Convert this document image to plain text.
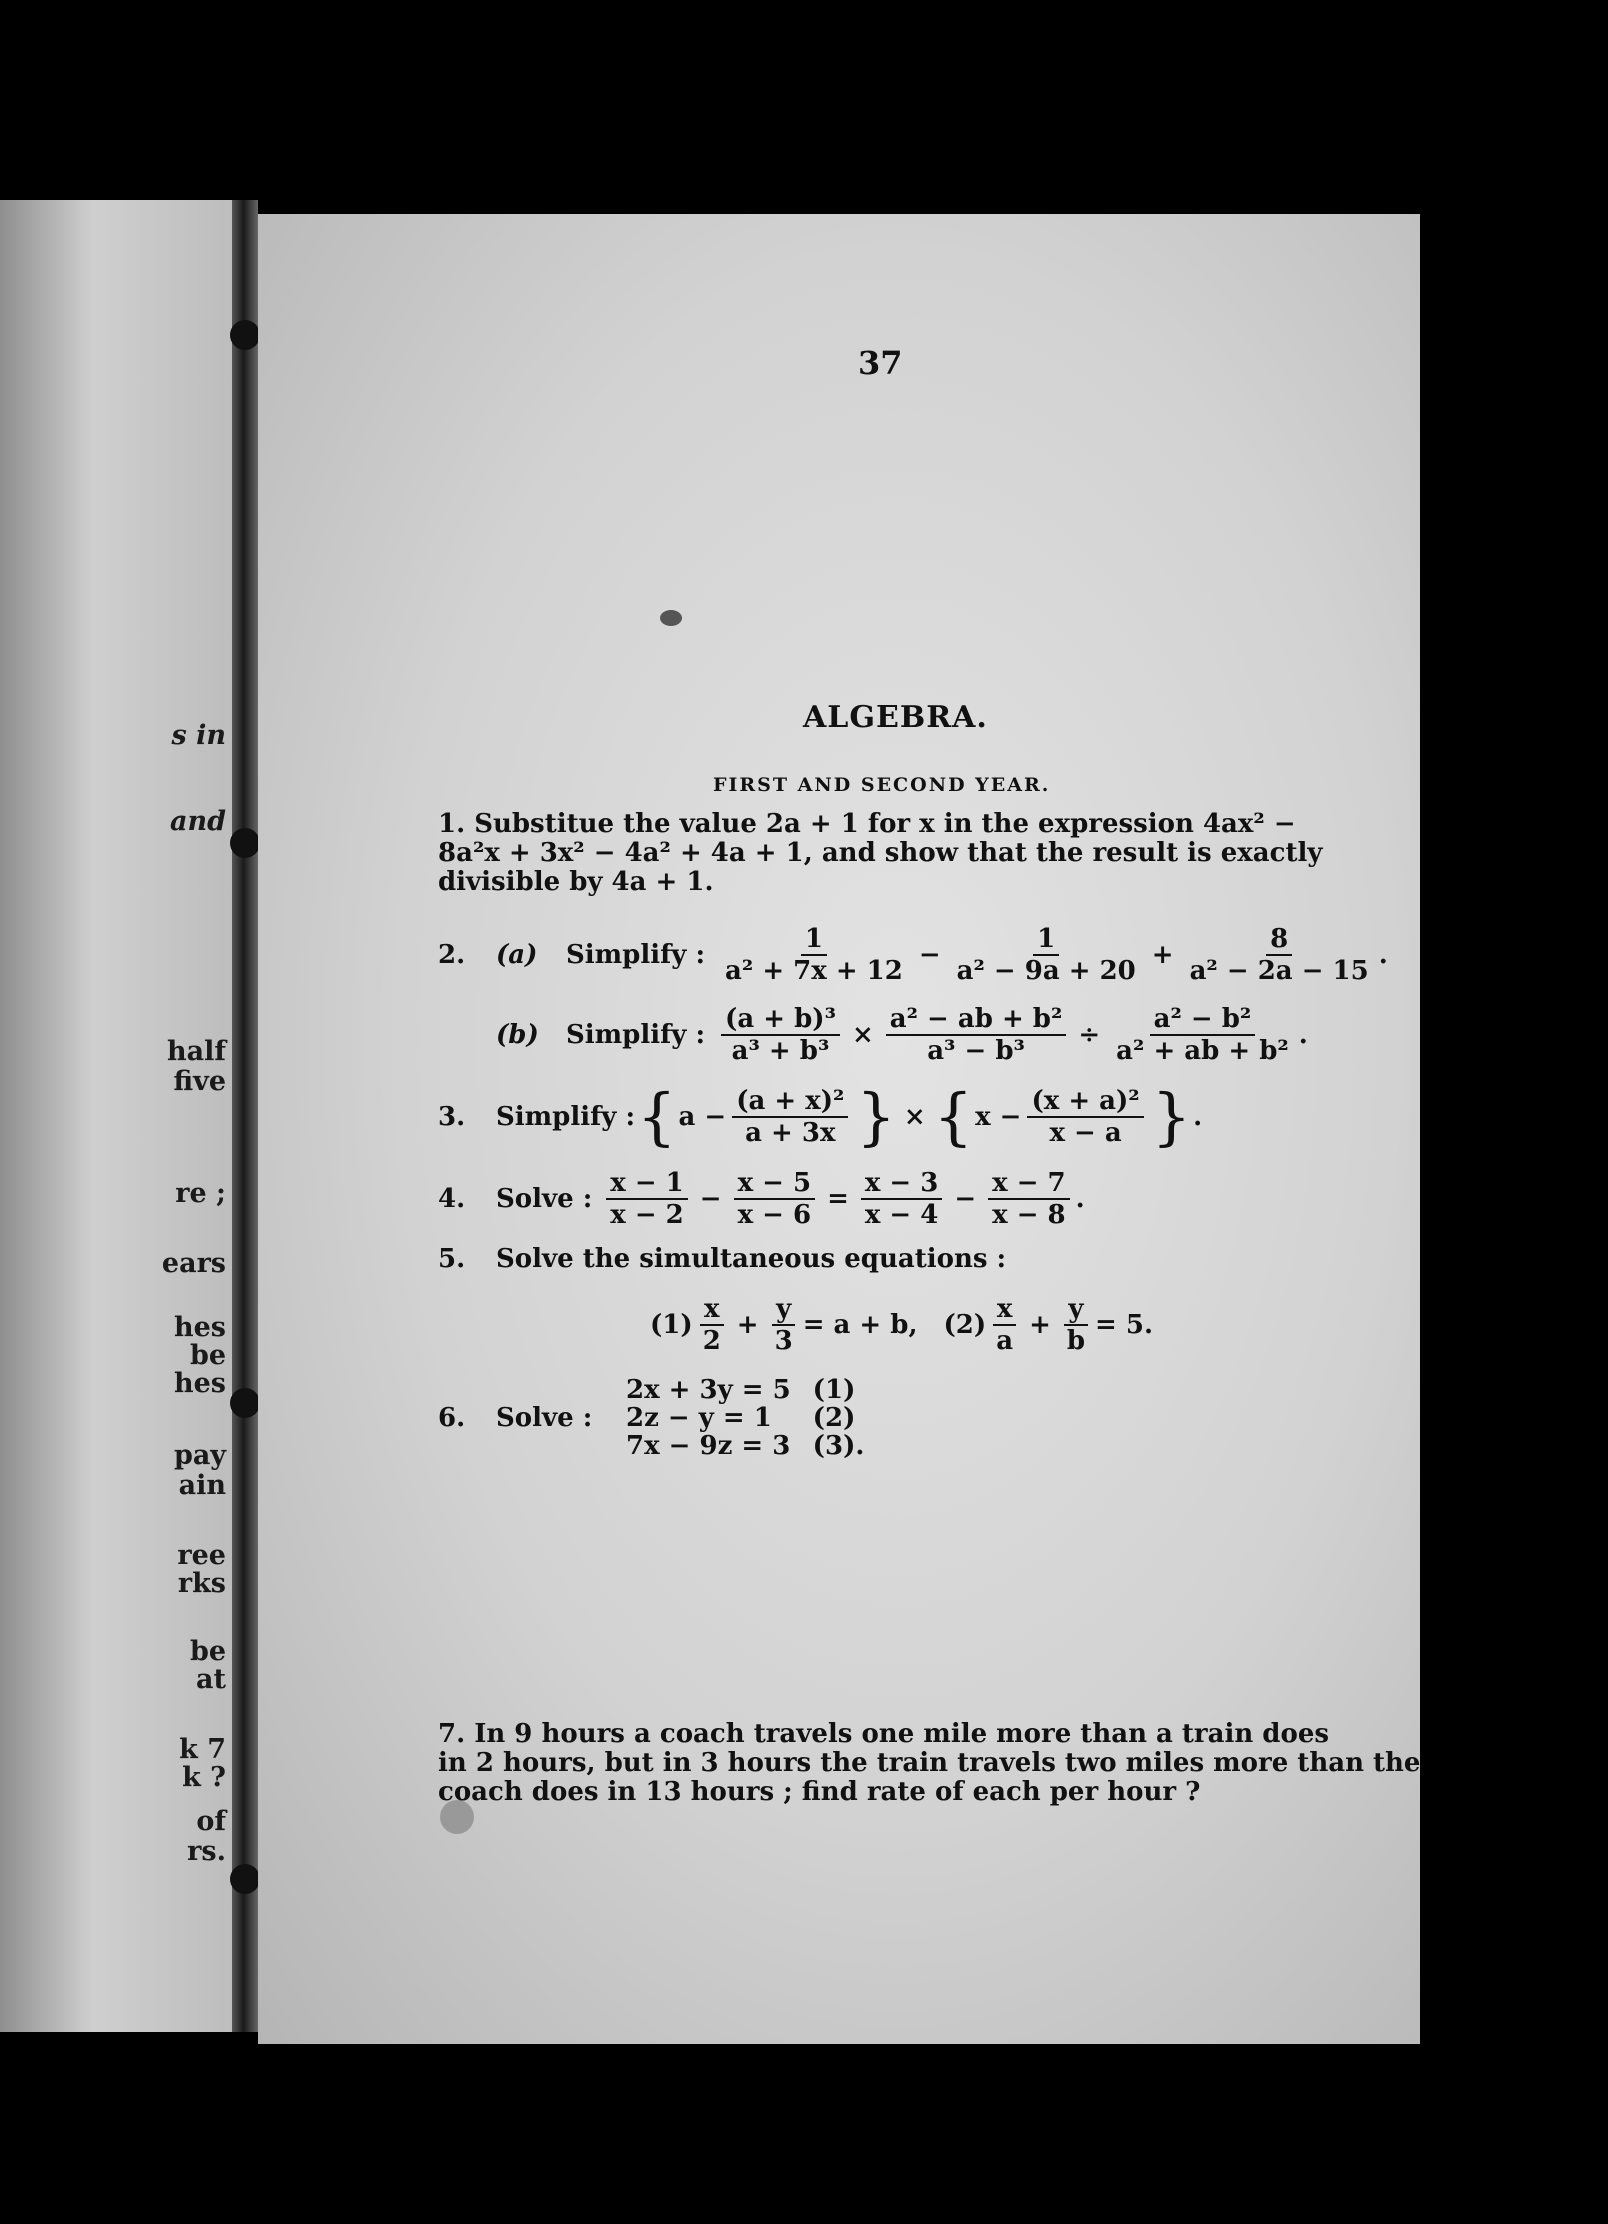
s in
and
half
five
re ;
ears
hes
be
hes
pay
ain
ree
rks
be
at
k 7
k ?
of
rs.
37
ALGEBRA.
FIRST AND SECOND YEAR.
1. Substitue the value 2a + 1 for x in the expression 4ax² −
8a²x + 3x² − 4a² + 4a + 1, and show that the result is exactly
divisible by 4a + 1.
2.	(a)	Simplify : $\frac{1}{\text{a² + 7x + 12}} - \frac{1}{\text{a² − 9a + 20}} + \frac{8}{\text{a² − 2a − 15}}$ .
(b)	Simplify : $\frac{\text{(a + b)³}}{\text{a³ + b³}} \times \frac{\text{a² − ab + b²}}{\text{a³ − b³}} \div \frac{\text{a² − b²}}{\text{a² + ab + b²}}$ .
3.	Simplify : { $a - \frac{\text{(a + x)²}}{a + 3x}$ } × { $x - \frac{\text{(x + a)²}}{x - a}$ } .
4.	Solve : $\frac{x - 1}{x - 2} - \frac{x - 5}{x - 6} = \frac{x - 3}{x - 4} - \frac{x - 7}{x - 8}$ .
5.	Solve the simultaneous equations :
$(1) \frac{x}{2} + \frac{y}{3} = a + b$, $(2) \frac{x}{a} + \frac{y}{b} = 5$.
6.	Solve :
2x + 3y = 5 (1)
2z − y = 1	(2)
7x − 9z = 3 (3).
7. In 9 hours a coach travels one mile more than a train does
in 2 hours, but in 3 hours the train travels two miles more than the
coach does in 13 hours ; find rate of each per hour ?
